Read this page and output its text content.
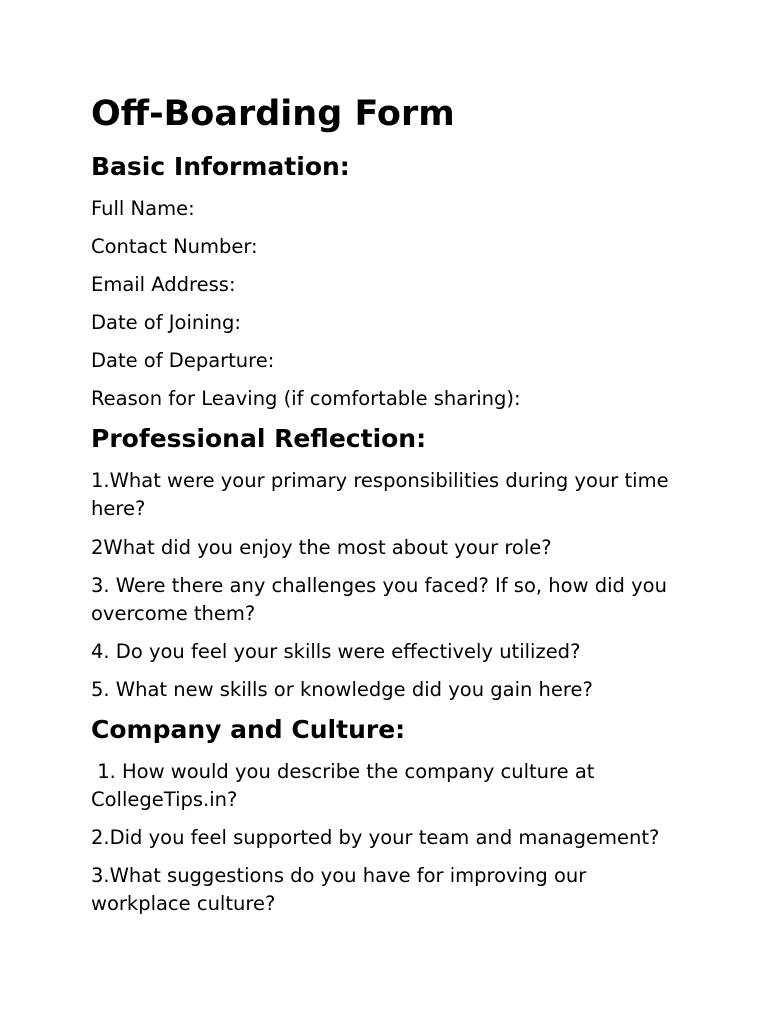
Off-Boarding Form
Basic Information:

Full Name:

Contact Number:

Email Address:

Date of Joining:

Date of Departure:

Reason for Leaving (if comfortable sharing):

Professional Reflection:

1.What were your primary responsibilities during your time here?

2What did you enjoy the most about your role?

3. Were there any challenges you faced? If so, how did you overcome them?

4. Do you feel your skills were effectively utilized?

5. What new skills or knowledge did you gain here?

Company and Culture:

1. How would you describe the company culture at CollegeTips.in?

2.Did you feel supported by your team and management?

3.What suggestions do you have for improving our workplace culture?
